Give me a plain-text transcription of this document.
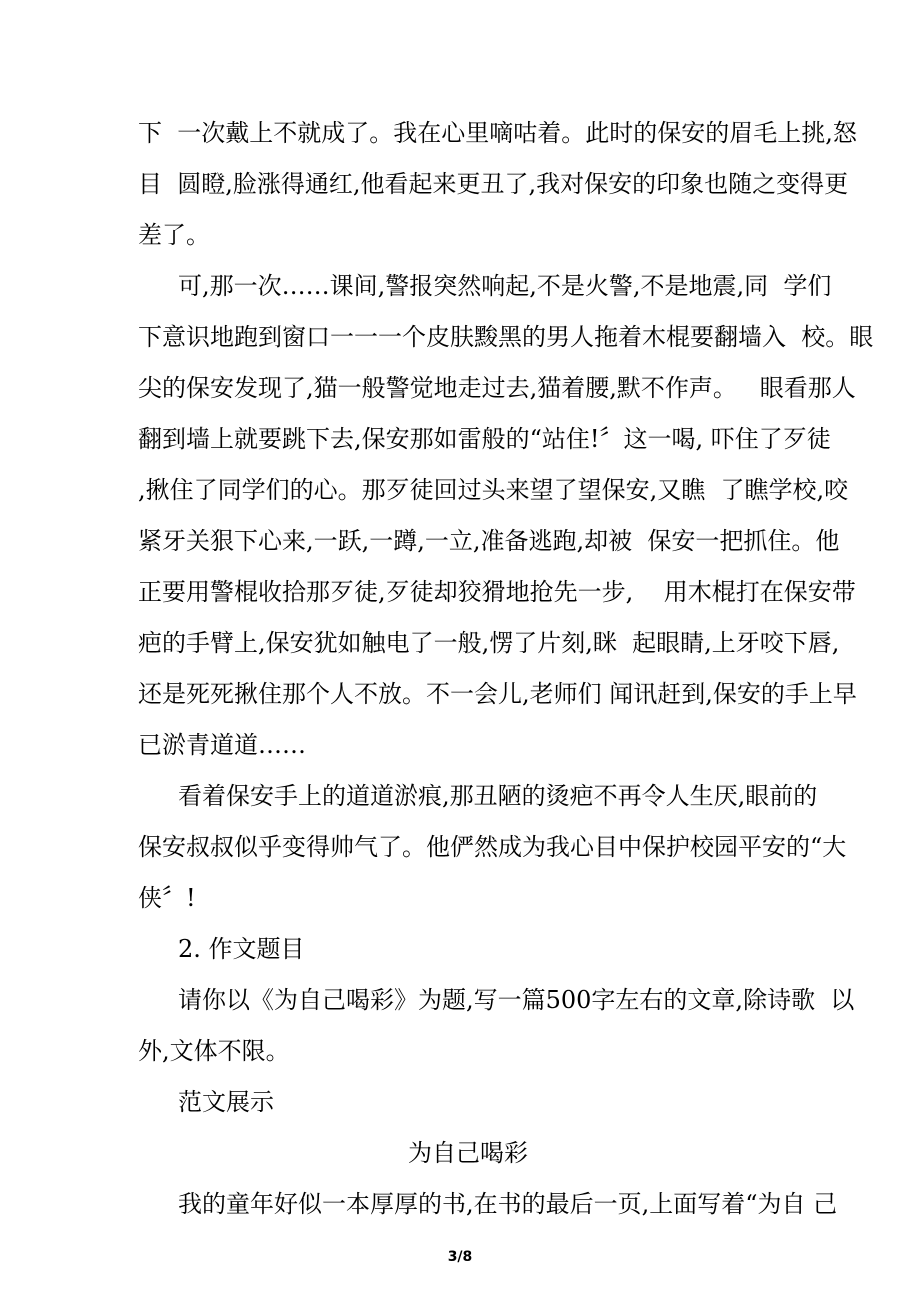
下  一次戴上不就成了。我在心里嘀咕着。此时的保安的眉毛上挑,怒
目  圆瞪,脸涨得通红,他看起来更丑了,我对保安的印象也随之变得更
差了。
可,那一次……课间,警报突然响起,不是火警,不是地震,同  学们
下意识地跑到窗口一一一个皮肤黢黑的男人拖着木棍要翻墙入  校。眼
尖的保安发现了,猫一般警觉地走过去,猫着腰,默不作声。   眼看那人
翻到墙上就要跳下去,保安那如雷般的“站住!〞这一喝, 吓住了歹徒
,揪住了同学们的心。那歹徒回过头来望了望保安,又瞧  了瞧学校,咬
紧牙关狠下心来,一跃,一蹲,一立,准备逃跑,却被  保安一把抓住。他
正要用警棍收拾那歹徒,歹徒却狡猾地抢先一步,    用木棍打在保安带
疤的手臂上,保安犹如触电了一般,愣了片刻,眯  起眼睛,上牙咬下唇,
还是死死揪住那个人不放。不一会儿,老师们 闻讯赶到,保安的手上早
已淤青道道……
看着保安手上的道道淤痕,那丑陋的烫疤不再令人生厌,眼前的
保安叔叔似乎变得帅气了。他俨然成为我心目中保护校园平安的“大
侠〞!
2. 作文题目
请你以《为自己喝彩》为题,写一篇500字左右的文章,除诗歌  以
外,文体不限。
范文展示
为自己喝彩
我的童年好似一本厚厚的书,在书的最后一页,上面写着“为自 己
3/8
